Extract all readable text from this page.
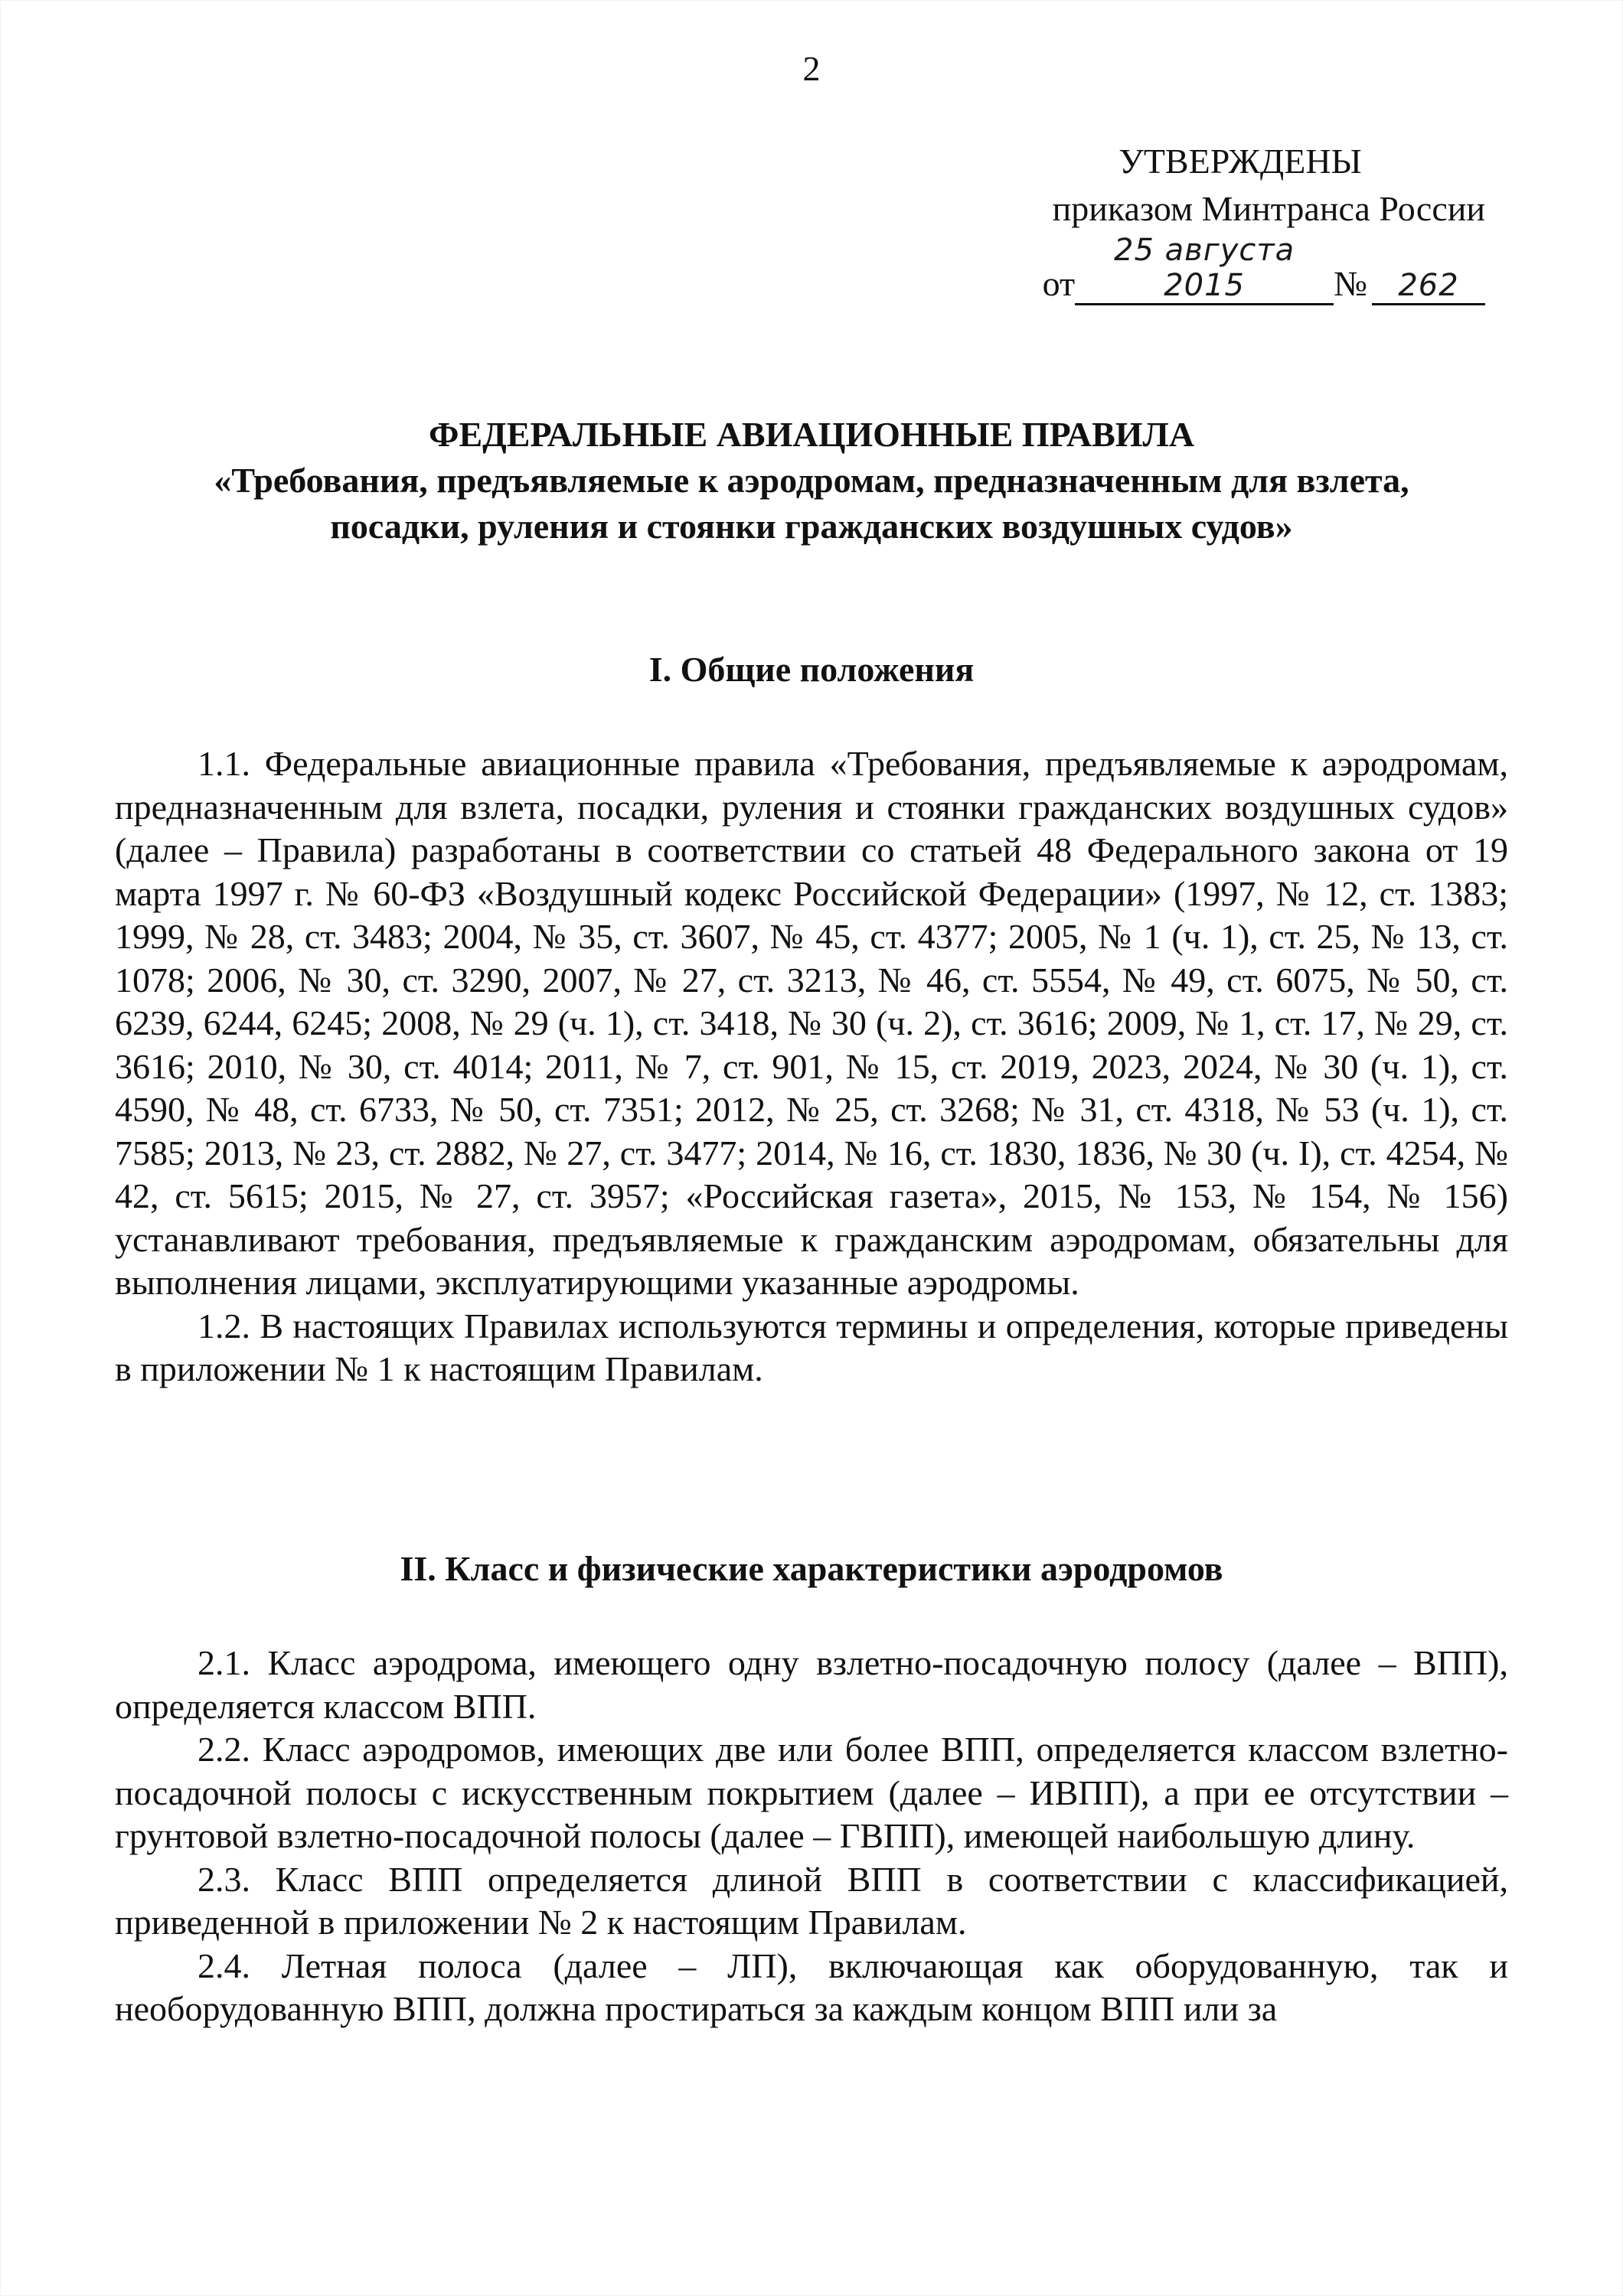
2
УТВЕРЖДЕНЫ
приказом Минтранса России
от25 августа 2015	№ 262
ФЕДЕРАЛЬНЫЕ АВИАЦИОННЫЕ ПРАВИЛА
«Требования, предъявляемые к аэродромам, предназначенным для взлета,
посадки, руления и стоянки гражданских воздушных судов»
I. Общие положения

1.1. Федеральные авиационные правила «Требования, предъявляемые к аэродромам, предназначенным для взлета, посадки, руления и стоянки гражданских воздушных судов» (далее – Правила) разработаны в соответствии со статьей 48 Федерального закона от 19 марта 1997 г. № 60-ФЗ «Воздушный кодекс Российской Федерации» (1997, № 12, ст. 1383; 1999, № 28, ст. 3483; 2004, № 35, ст. 3607, № 45, ст. 4377; 2005, № 1 (ч. 1), ст. 25, № 13, ст. 1078; 2006, № 30, ст. 3290, 2007, № 27, ст. 3213, № 46, ст. 5554, № 49, ст. 6075, № 50, ст. 6239, 6244, 6245; 2008, № 29 (ч. 1), ст. 3418, № 30 (ч. 2), ст. 3616; 2009, № 1, ст. 17, № 29, ст. 3616; 2010, № 30, ст. 4014; 2011, № 7, ст. 901, № 15, ст. 2019, 2023, 2024, № 30 (ч. 1), ст. 4590, № 48, ст. 6733, № 50, ст. 7351; 2012, № 25, ст. 3268; № 31, ст. 4318, № 53 (ч. 1), ст. 7585; 2013, № 23, ст. 2882, № 27, ст. 3477; 2014, № 16, ст. 1830, 1836, № 30 (ч. I), ст. 4254, № 42, ст. 5615; 2015, № 27, ст. 3957; «Российская газета», 2015, № 153, № 154, № 156) устанавливают требования, предъявляемые к гражданским аэродромам, обязательны для выполнения лицами, эксплуатирующими указанные аэродромы.

1.2. В настоящих Правилах используются термины и определения, которые приведены в приложении № 1 к настоящим Правилам.

II. Класс и физические характеристики аэродромов

2.1. Класс аэродрома, имеющего одну взлетно-посадочную полосу (далее – ВПП), определяется классом ВПП.

2.2. Класс аэродромов, имеющих две или более ВПП, определяется классом взлетно-посадочной полосы с искусственным покрытием (далее – ИВПП), а при ее отсутствии – грунтовой взлетно-посадочной полосы (далее – ГВПП), имеющей наибольшую длину.

2.3. Класс ВПП определяется длиной ВПП в соответствии с классификацией, приведенной в приложении № 2 к настоящим Правилам.

2.4. Летная полоса (далее – ЛП), включающая как оборудованную, так и необорудованную ВПП, должна простираться за каждым концом ВПП или за
